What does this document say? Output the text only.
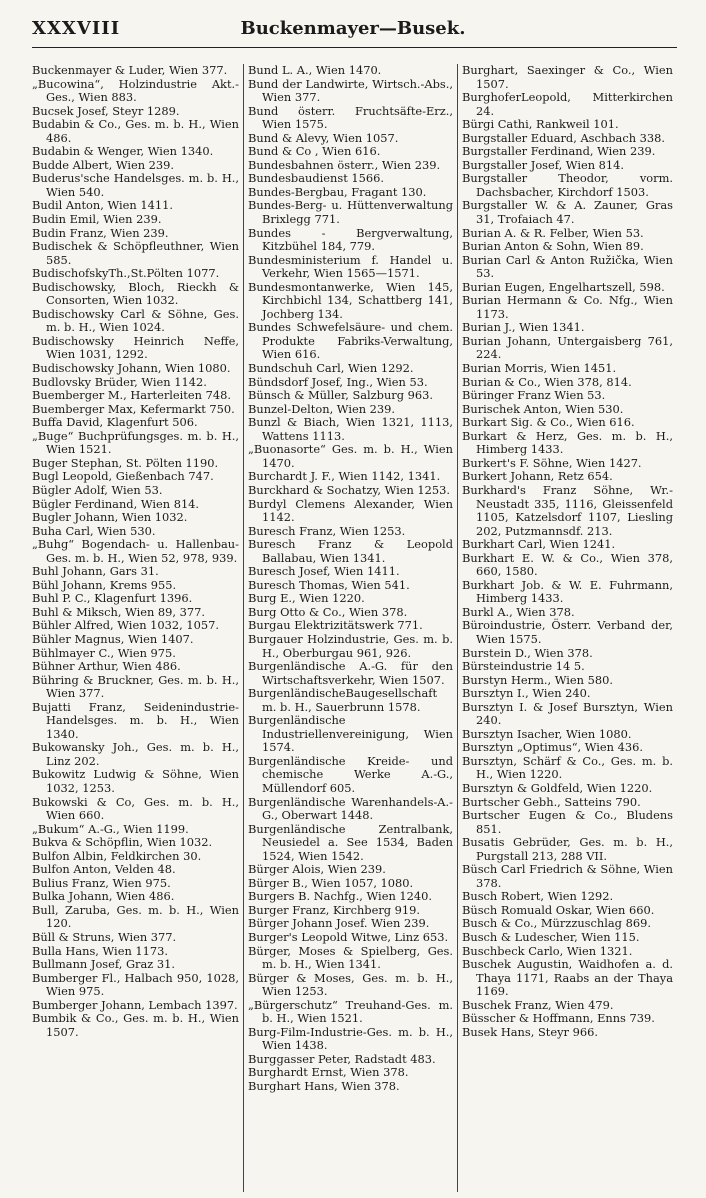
XXXVIII	Buckenmayer—Busek.

Buckenmayer & Luder, Wien 377.

„Bucowina“, Holzindustrie Akt.-Ges., Wien 883.

Bucsek Josef, Steyr 1289.

Budabin & Co., Ges. m. b. H., Wien 486.

Budabin & Wenger, Wien 1340.

Budde Albert, Wien 239.

Buderus'sche Handelsges. m. b. H., Wien 540.

Budil Anton, Wien 1411.

Budin Emil, Wien 239.

Budin Franz, Wien 239.

Budischek & Schöpfleuthner, Wien 585.

BudischofskyTh.,St.Pölten 1077.

Budischowsky, Bloch, Rieckh & Consorten, Wien 1032.

Budischowsky Carl & Söhne, Ges. m. b. H., Wien 1024.

Budischowsky Heinrich Neffe, Wien 1031, 1292.

Budischowsky Johann, Wien 1080.

Budlovsky Brüder, Wien 1142.

Buemberger M., Harterleiten 748.

Buemberger Max, Kefermarkt 750.

Buffa David, Klagenfurt 506.

„Buge“ Buchprüfungsges. m. b. H., Wien 1521.

Buger Stephan, St. Pölten 1190.

Bugl Leopold, Gießenbach 747.

Bügler Adolf, Wien 53.

Bügler Ferdinand, Wien 814.

Bugler Johann, Wien 1032.

Buha Carl, Wien 530.

„Buhg“ Bogendach- u. Hallenbau-Ges. m. b. H., Wien 52, 978, 939.

Buhl Johann, Gars 31.

Bühl Johann, Krems 955.

Buhl P. C., Klagenfurt 1396.

Buhl & Miksch, Wien 89, 377.

Bühler Alfred, Wien 1032, 1057.

Bühler Magnus, Wien 1407.

Bühlmayer C., Wien 975.

Bühner Arthur, Wien 486.

Bühring & Bruckner, Ges. m. b. H., Wien 377.

Bujatti Franz, Seidenindustrie-Handelsges. m. b. H., Wien 1340.

Bukowansky Joh., Ges. m. b. H., Linz 202.

Bukowitz Ludwig & Söhne, Wien 1032, 1253.

Bukowski & Co, Ges. m. b. H., Wien 660.

„Bukum“ A.-G., Wien 1199.

Bukva & Schöpflin, Wien 1032.

Bulfon Albin, Feldkirchen 30.

Bulfon Anton, Velden 48.

Bulius Franz, Wien 975.

Bulka Johann, Wien 486.

Bull, Zaruba, Ges. m. b. H., Wien 120.

Büll & Struns, Wien 377.

Bulla Hans, Wien 1173.

Bullmann Josef, Graz 31.

Bumberger Fl., Halbach 950, 1028, Wien 975.

Bumberger Johann, Lembach 1397.

Bumbik & Co., Ges. m. b. H., Wien 1507.

Bund L. A., Wien 1470.

Bund der Landwirte, Wirtsch.-Abs., Wien 377.

Bund österr. Fruchtsäfte-Erz., Wien 1575.

Bund & Alevy, Wien 1057.

Bund & Co , Wien 616.

Bundesbahnen österr., Wien 239.

Bundesbaudienst 1566.

Bundes-Bergbau, Fragant 130.

Bundes-Berg- u. Hüttenverwaltung Brixlegg 771.

Bundes - Bergverwaltung, Kitzbühel 184, 779.

Bundesministerium f. Handel u. Verkehr, Wien 1565—1571.

Bundesmontanwerke, Wien 145, Kirchbichl 134, Schattberg 141, Jochberg 134.

Bundes Schwefelsäure- und chem. Produkte Fabriks-Verwaltung, Wien 616.

Bundschuh Carl, Wien 1292.

Bündsdorf Josef, Ing., Wien 53.

Bünsch & Müller, Salzburg 963.

Bunzel-Delton, Wien 239.

Bunzl & Biach, Wien 1321, 1113, Wattens 1113.

„Buonasorte“ Ges. m. b. H., Wien 1470.

Burchardt J. F., Wien 1142, 1341.

Burckhard & Sochatzy, Wien 1253.

Burdyl Clemens Alexander, Wien 1142.

Buresch Franz, Wien 1253.

Buresch Franz & Leopold Ballabau, Wien 1341.

Buresch Josef, Wien 1411.

Buresch Thomas, Wien 541.

Burg E., Wien 1220.

Burg Otto & Co., Wien 378.

Burgau Elektrizitätswerk 771.

Burgauer Holzindustrie, Ges. m. b. H., Oberburgau 961, 926.

Burgenländische A.-G. für den Wirtschaftsverkehr, Wien 1507.

BurgenländischeBaugesellschaft m. b. H., Sauerbrunn 1578.

Burgenländische Industriellenvereinigung, Wien 1574.

Burgenländische Kreide- und chemische Werke A.-G., Müllendorf 605.

Burgenländische Warenhandels-A.-G., Oberwart 1448.

Burgenländische Zentralbank, Neusiedel a. See 1534, Baden 1524, Wien 1542.

Bürger Alois, Wien 239.

Bürger B., Wien 1057, 1080.

Burgers B. Nachfg., Wien 1240.

Burger Franz, Kirchberg 919.

Bürger Johann Josef. Wien 239.

Burger's Leopold Witwe, Linz 653.

Bürger, Moses & Spielberg, Ges. m. b. H., Wien 1341.

Bürger & Moses, Ges. m. b. H., Wien 1253.

„Bürgerschutz“ Treuhand-Ges. m. b. H., Wien 1521.

Burg-Film-Industrie-Ges. m. b. H., Wien 1438.

Burggasser Peter, Radstadt 483.

Burghardt Ernst, Wien 378.

Burghart Hans, Wien 378.

Burghart, Saexinger & Co., Wien 1507.

BurghoferLeopold, Mitterkirchen 24.

Bürgi Cathi, Rankweil 101.

Burgstaller Eduard, Aschbach 338.

Burgstaller Ferdinand, Wien 239.

Burgstaller Josef, Wien 814.

Burgstaller Theodor, vorm. Dachsbacher, Kirchdorf 1503.

Burgstaller W. & A. Zauner, Gras 31, Trofaiach 47.

Burian A. & R. Felber, Wien 53.

Burian Anton & Sohn, Wien 89.

Burian Carl & Anton Ružička, Wien 53.

Burian Eugen, Engelhartszell, 598.

Burian Hermann & Co. Nfg., Wien 1173.

Burian J., Wien 1341.

Burian Johann, Untergaisberg 761, 224.

Burian Morris, Wien 1451.

Burian & Co., Wien 378, 814.

Büringer Franz Wien 53.

Burischek Anton, Wien 530.

Burkart Sig. & Co., Wien 616.

Burkart & Herz, Ges. m. b. H., Himberg 1433.

Burkert's F. Söhne, Wien 1427.

Burkert Johann, Retz 654.

Burkhard's Franz Söhne, Wr.-Neustadt 335, 1116, Gleissenfeld 1105, Katzelsdorf 1107, Liesling 202, Putzmannsdf. 213.

Burkhart Carl, Wien 1241.

Burkhart E. W. & Co., Wien 378, 660, 1580.

Burkhart Job. & W. E. Fuhrmann, Himberg 1433.

Burkl A., Wien 378.

Büroindustrie, Österr. Verband der, Wien 1575.

Burstein D., Wien 378.

Bürsteindustrie 14 5.

Burstyn Herm., Wien 580.

Bursztyn I., Wien 240.

Bursztyn I. & Josef Bursztyn, Wien 240.

Bursztyn Isacher, Wien 1080.

Bursztyn „Optimus“, Wien 436.

Bursztyn, Schärf & Co., Ges. m. b. H., Wien 1220.

Bursztyn & Goldfeld, Wien 1220.

Burtscher Gebh., Satteins 790.

Burtscher Eugen & Co., Bludens 851.

Busatis Gebrüder, Ges. m. b. H., Purgstall 213, 288 VII.

Büsch Carl Friedrich & Söhne, Wien 378.

Busch Robert, Wien 1292.

Büsch Romuald Oskar, Wien 660.

Busch & Co., Mürzzuschlag 869.

Busch & Ludescher, Wien 115.

Buschbeck Carlo, Wien 1321.

Buschek Augustin, Waidhofen a. d. Thaya 1171, Raabs an der Thaya 1169.

Buschek Franz, Wien 479.

Büsscher & Hoffmann, Enns 739.

Busek Hans, Steyr 966.
